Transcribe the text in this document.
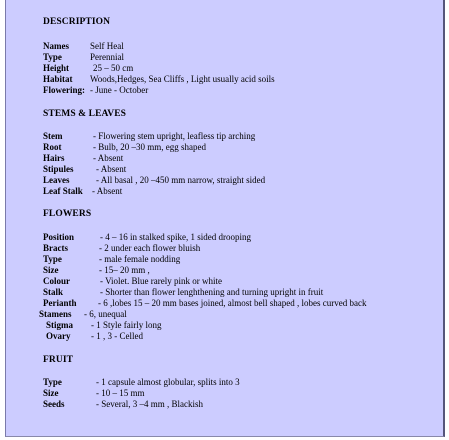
DESCRIPTION
Names Self Heal
Type	Perennial
Height	25 – 50 cm
Habitat Woods,Hedges, Sea Cliffs , Light usually acid soils
Flowering: - June - October
STEMS & LEAVES
Stem	- Flowering stem upright, leafless tip arching
Root	- Bulb, 20 –30 mm, egg shaped
Hairs	- Absent
Stipules - Absent
Leaves	- All basal , 20 –450 mm narrow, straight sided
Leaf Stalk - Absent
FLOWERS
Position	- 4 – 16 in stalked spike, 1 sided drooping
Bracts	- 2 under each flower bluish
Type	- male female nodding
Size	- 15– 20 mm ,
Colour	- Violet. Blue rarely pink or white
Stalk	- Shorter than flower lenghthening and turning upright in fruit
Perianth - 6 ,lobes 15 – 20 mm bases joined, almost bell shaped , lobes curved back
Stamens - 6, unequal
Stigma - 1 Style fairly long
Ovary - 1 , 3 - Celled
FRUIT
Type	- 1 capsule almost globular, splits into 3
Size	- 10 – 15 mm
Seeds	- Several, 3 –4 mm , Blackish
